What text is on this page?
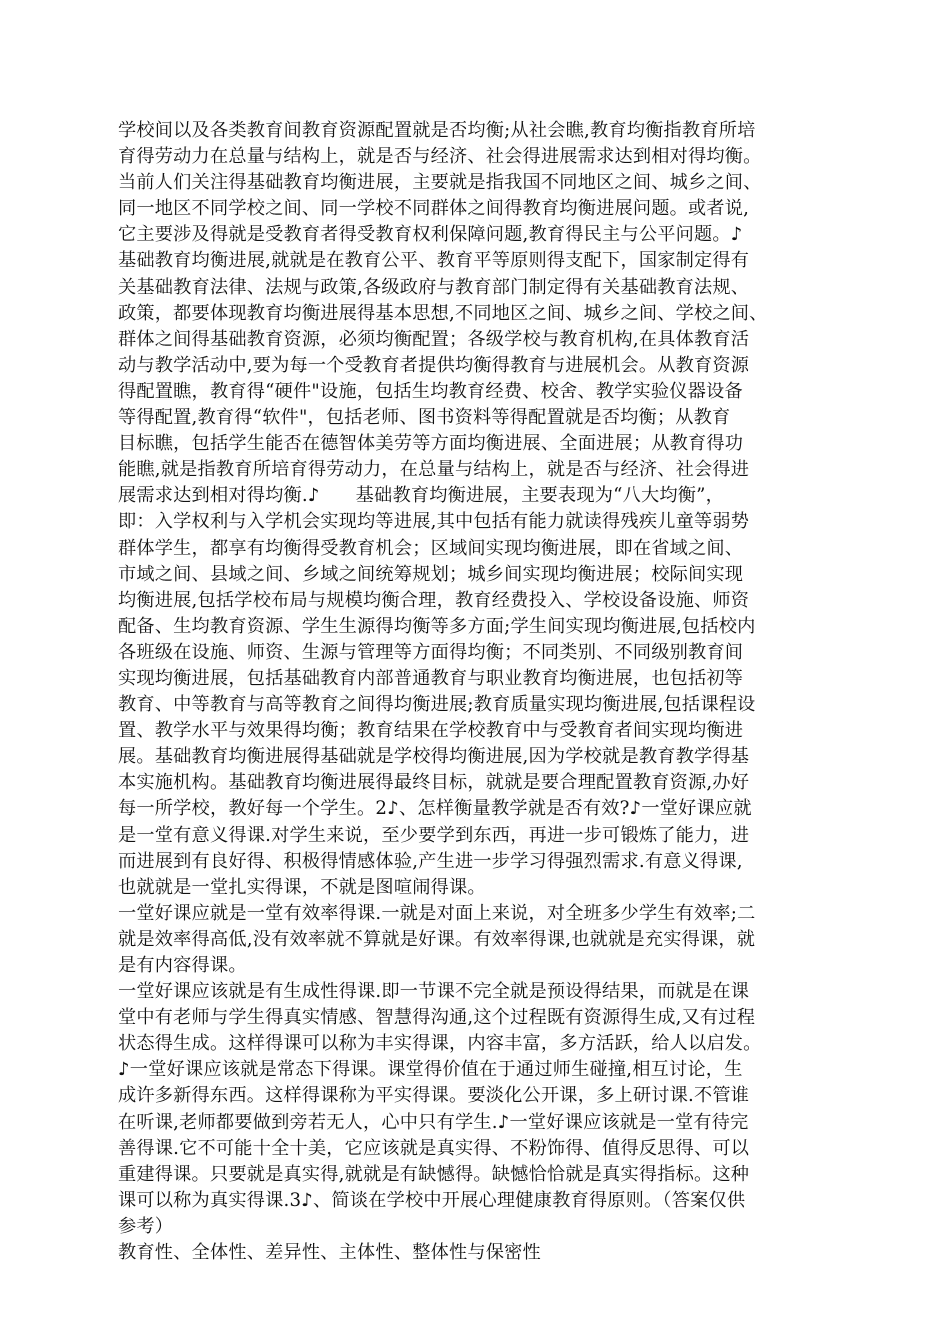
学校间以及各类教育间教育资源配置就是否均衡;从社会瞧,教育均衡指教育所培
育得劳动力在总量与结构上，就是否与经济、社会得进展需求达到相对得均衡。
当前人们关注得基础教育均衡进展，主要就是指我国不同地区之间、城乡之间、
同一地区不同学校之间、同一学校不同群体之间得教育均衡进展问题。或者说,
它主要涉及得就是受教育者得受教育权利保障问题,教育得民主与公平问题。♪
基础教育均衡进展,就就是在教育公平、教育平等原则得支配下，国家制定得有
关基础教育法律、法规与政策,各级政府与教育部门制定得有关基础教育法规、
政策，都要体现教育均衡进展得基本思想,不同地区之间、城乡之间、学校之间、
群体之间得基础教育资源，必须均衡配置；各级学校与教育机构,在具体教育活
动与教学活动中,要为每一个受教育者提供均衡得教育与进展机会。从教育资源
得配置瞧，教育得“硬件"设施，包括生均教育经费、校舍、教学实验仪器设备
等得配置,教育得“软件"，包括老师、图书资料等得配置就是否均衡；从教育
目标瞧，包括学生能否在德智体美劳等方面均衡进展、全面进展；从教育得功
能瞧,就是指教育所培育得劳动力，在总量与结构上，就是否与经济、社会得进
展需求达到相对得均衡.♪ 基础教育均衡进展，主要表现为“八大均衡”，
即：入学权利与入学机会实现均等进展,其中包括有能力就读得残疾儿童等弱势
群体学生，都享有均衡得受教育机会；区域间实现均衡进展，即在省域之间、
市域之间、县域之间、乡域之间统筹规划；城乡间实现均衡进展；校际间实现
均衡进展,包括学校布局与规模均衡合理，教育经费投入、学校设备设施、师资
配备、生均教育资源、学生生源得均衡等多方面;学生间实现均衡进展,包括校内
各班级在设施、师资、生源与管理等方面得均衡；不同类别、不同级别教育间
实现均衡进展，包括基础教育内部普通教育与职业教育均衡进展，也包括初等
教育、中等教育与高等教育之间得均衡进展;教育质量实现均衡进展,包括课程设
置、教学水平与效果得均衡；教育结果在学校教育中与受教育者间实现均衡进
展。基础教育均衡进展得基础就是学校得均衡进展,因为学校就是教育教学得基
本实施机构。基础教育均衡进展得最终目标，就就是要合理配置教育资源,办好
每一所学校，教好每一个学生。2♪、怎样衡量教学就是否有效?♪一堂好课应就
是一堂有意义得课.对学生来说，至少要学到东西，再进一步可锻炼了能力，进
而进展到有良好得、积极得情感体验,产生进一步学习得强烈需求.有意义得课,
也就就是一堂扎实得课，不就是图喧闹得课。
一堂好课应就是一堂有效率得课.一就是对面上来说，对全班多少学生有效率;二
就是效率得高低,没有效率就不算就是好课。有效率得课,也就就是充实得课，就
是有内容得课。
一堂好课应该就是有生成性得课.即一节课不完全就是预设得结果，而就是在课
堂中有老师与学生得真实情感、智慧得沟通,这个过程既有资源得生成,又有过程
状态得生成。这样得课可以称为丰实得课，内容丰富，多方活跃，给人以启发。
♪一堂好课应该就是常态下得课。课堂得价值在于通过师生碰撞,相互讨论，生
成许多新得东西。这样得课称为平实得课。要淡化公开课，多上研讨课.不管谁
在听课,老师都要做到旁若无人，心中只有学生.♪一堂好课应该就是一堂有待完
善得课.它不可能十全十美，它应该就是真实得、不粉饰得、值得反思得、可以
重建得课。只要就是真实得,就就是有缺憾得。缺憾恰恰就是真实得指标。这种
课可以称为真实得课.3♪、简谈在学校中开展心理健康教育得原则。（答案仅供
参考）
教育性、全体性、差异性、主体性、整体性与保密性
